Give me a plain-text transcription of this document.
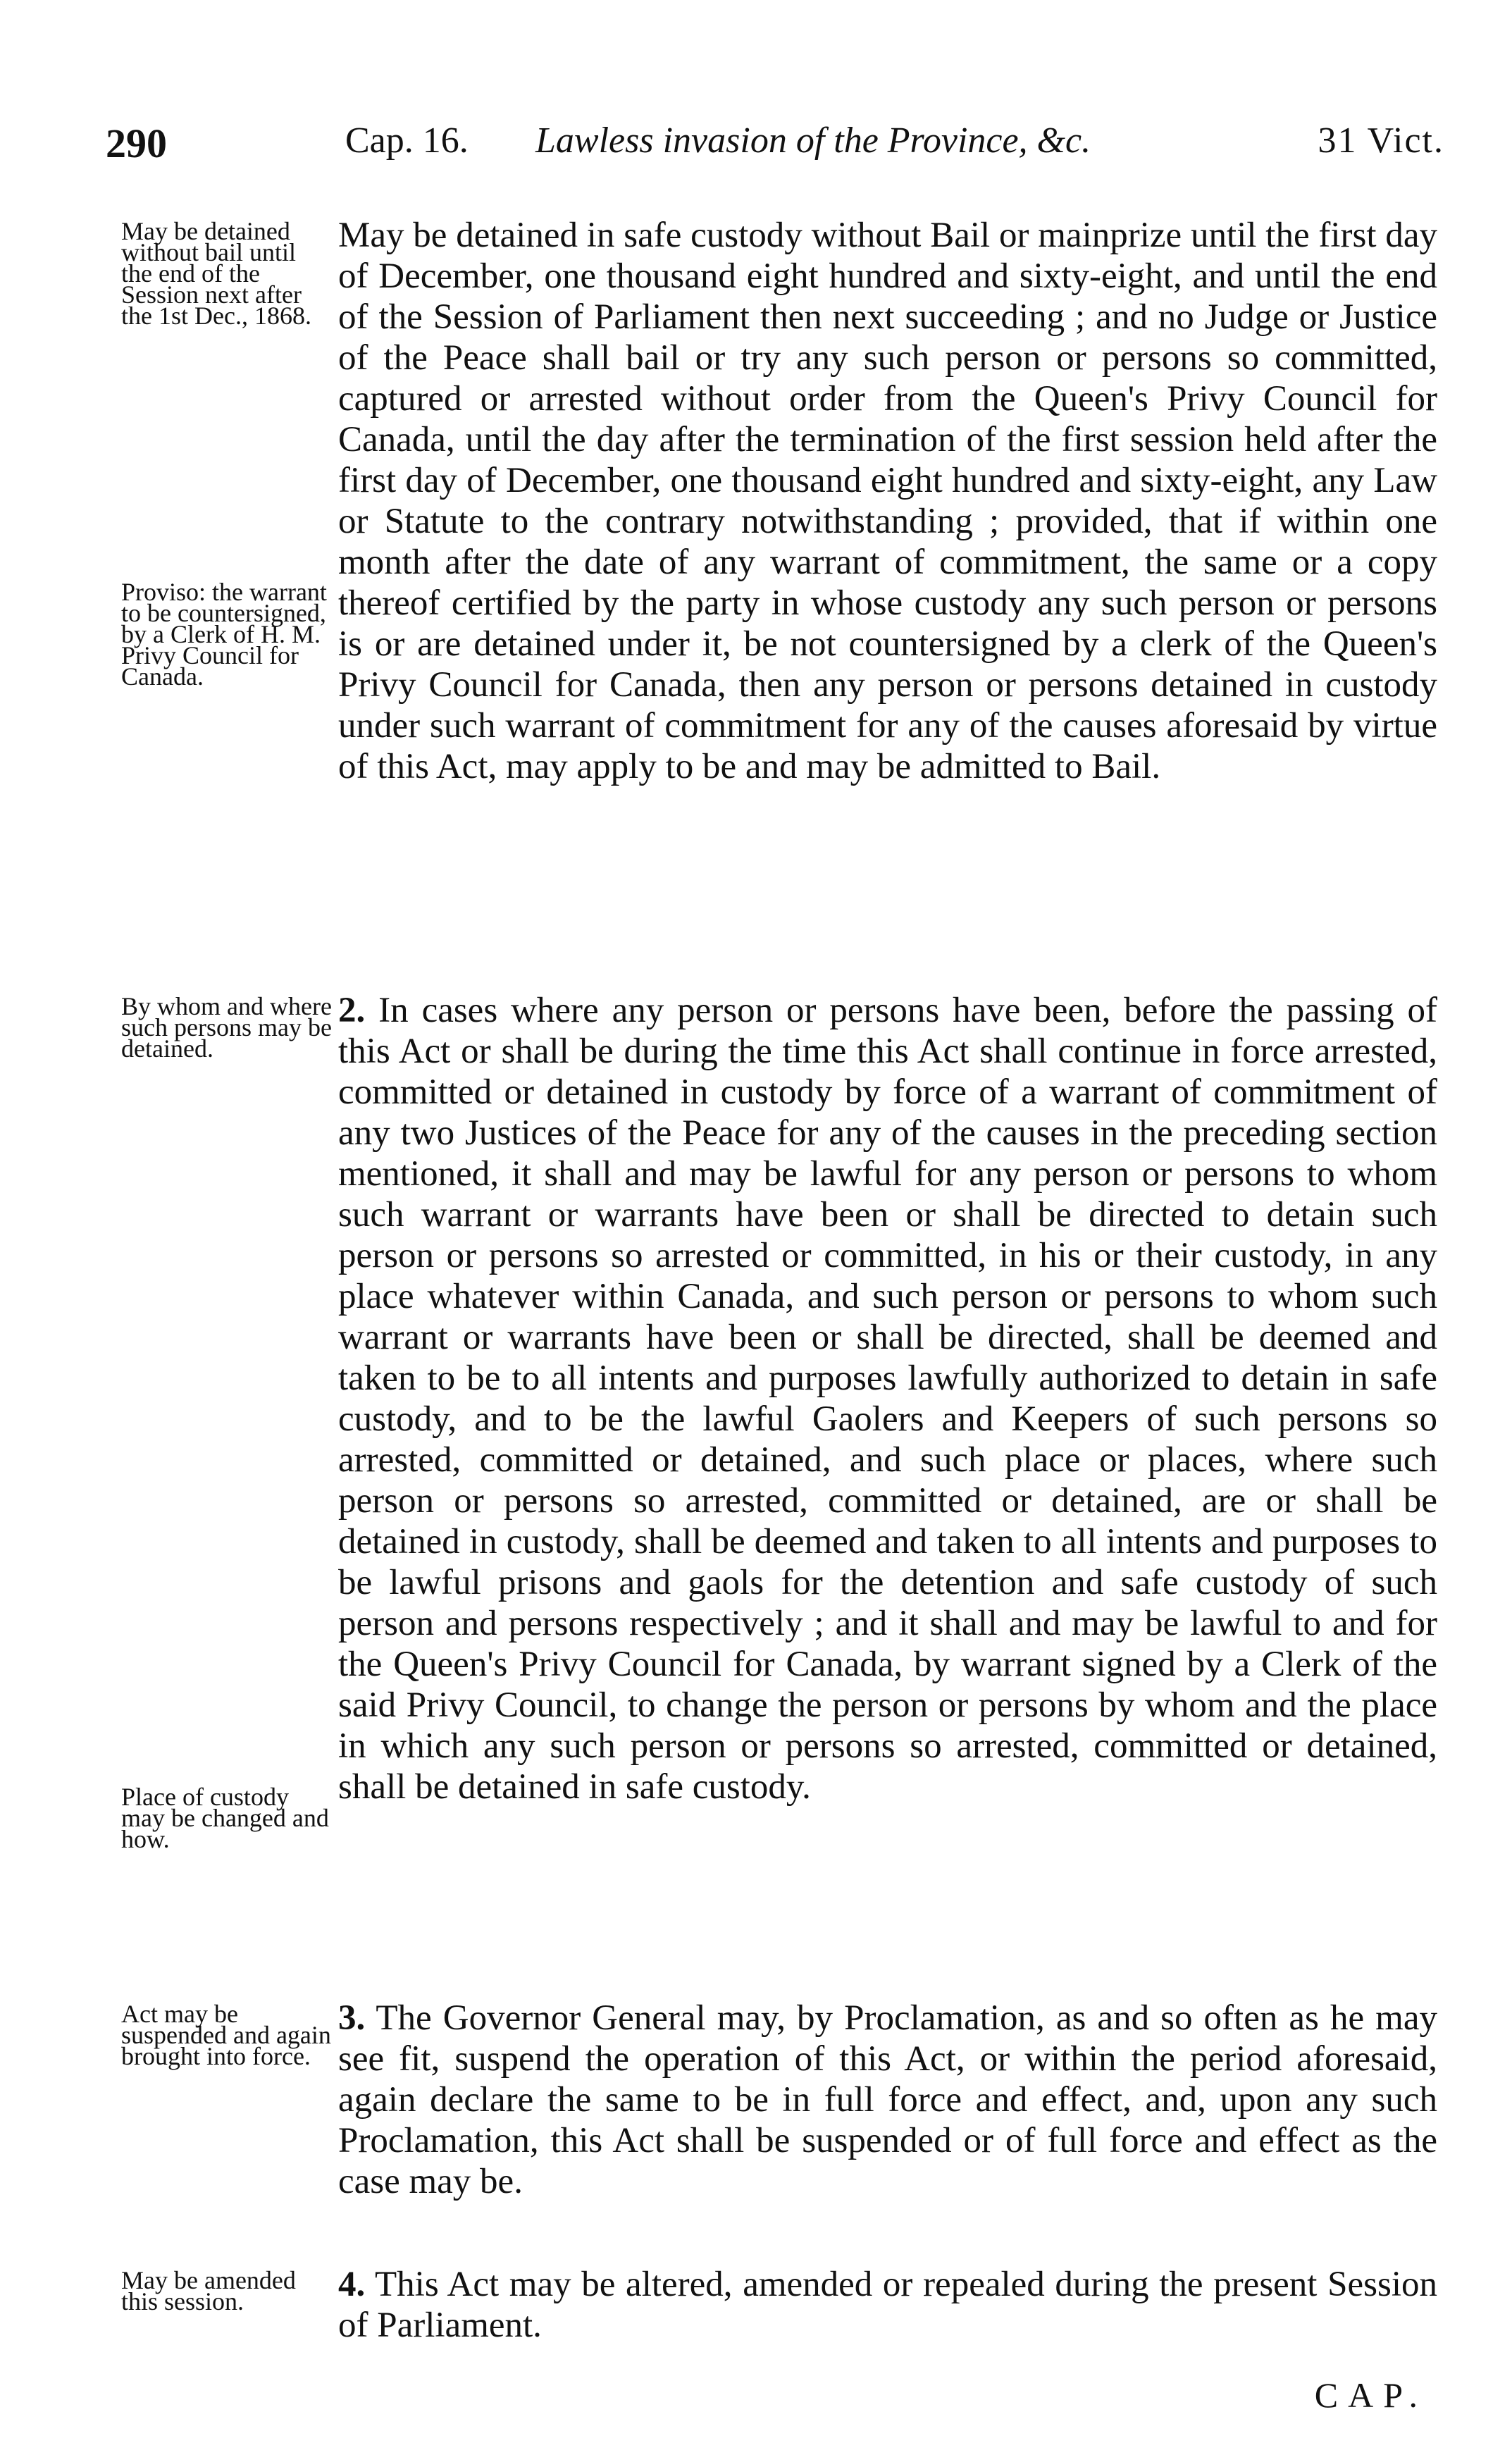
290	Cap. 16. Lawless invasion of the Province, &c.	31 Vict.
May be detained without bail until the end of the Session next after the 1st Dec., 1868.
Proviso: the warrant to be countersigned, by a Clerk of H. M. Privy Council for Canada.
May be detained in safe custody without Bail or mainprize until the first day of December, one thousand eight hundred and sixty-eight, and until the end of the Session of Parliament then next succeeding ; and no Judge or Justice of the Peace shall bail or try any such person or persons so committed, captured or arrested without order from the Queen's Privy Council for Canada, until the day after the termination of the first session held after the first day of December, one thousand eight hundred and sixty-eight, any Law or Statute to the contrary notwithstanding ; provided, that if within one month after the date of any warrant of commitment, the same or a copy thereof certified by the party in whose custody any such person or persons is or are detained under it, be not countersigned by a clerk of the Queen's Privy Council for Canada, then any person or persons detained in custody under such warrant of commitment for any of the causes aforesaid by virtue of this Act, may apply to be and may be admitted to Bail.
By whom and where such persons may be detained.
Place of custody may be changed and how.
2. In cases where any person or persons have been, before the passing of this Act or shall be during the time this Act shall continue in force arrested, committed or detained in custody by force of a warrant of commitment of any two Justices of the Peace for any of the causes in the preceding section mentioned, it shall and may be lawful for any person or persons to whom such warrant or warrants have been or shall be directed to detain such person or persons so arrested or committed, in his or their custody, in any place whatever within Canada, and such person or persons to whom such warrant or warrants have been or shall be directed, shall be deemed and taken to be to all intents and purposes lawfully authorized to detain in safe custody, and to be the lawful Gaolers and Keepers of such persons so arrested, committed or detained, and such place or places, where such person or persons so arrested, committed or detained, are or shall be detained in custody, shall be deemed and taken to all intents and purposes to be lawful prisons and gaols for the detention and safe custody of such person and persons respectively ; and it shall and may be lawful to and for the Queen's Privy Council for Canada, by warrant signed by a Clerk of the said Privy Council, to change the person or persons by whom and the place in which any such person or persons so arrested, committed or detained, shall be detained in safe custody.
Act may be suspended and again brought into force.
3. The Governor General may, by Proclamation, as and so often as he may see fit, suspend the operation of this Act, or within the period aforesaid, again declare the same to be in full force and effect, and, upon any such Proclamation, this Act shall be suspended or of full force and effect as the case may be.
May be amended this session.	4. This Act may be altered, amended or repealed during the present Session of Parliament.
CAP.
